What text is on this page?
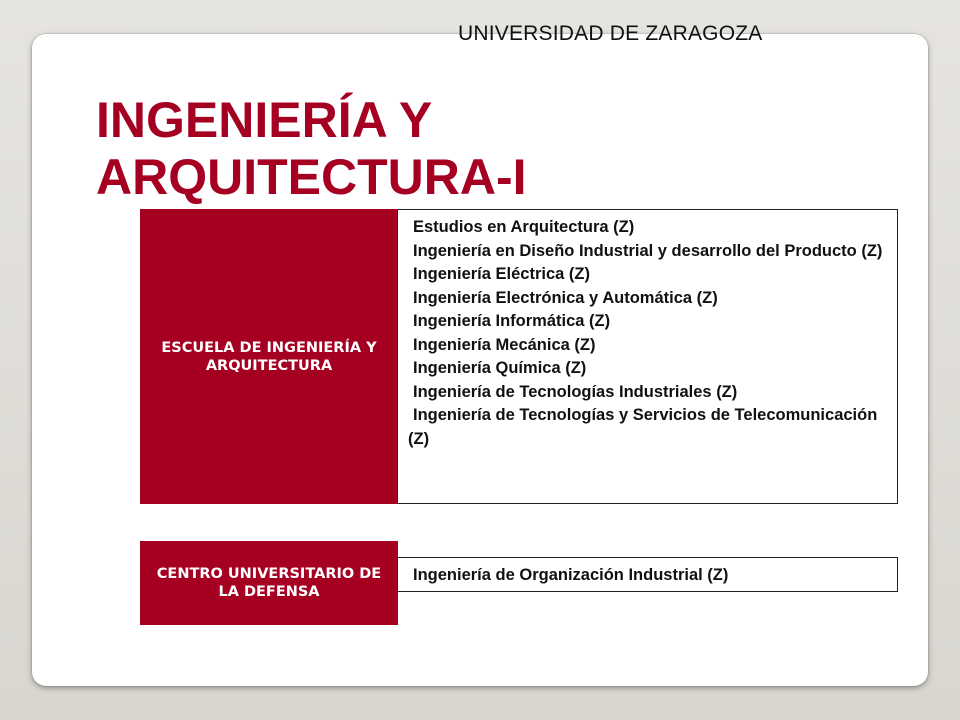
UNIVERSIDAD DE ZARAGOZA
INGENIERÍA Y
ARQUITECTURA-I
ESCUELA DE INGENIERÍA Y ARQUITECTURA
Estudios en Arquitectura (Z)
Ingeniería en Diseño Industrial y desarrollo del Producto (Z)
Ingeniería Eléctrica (Z)
Ingeniería Electrónica y Automática (Z)
Ingeniería Informática (Z)
Ingeniería Mecánica (Z)
Ingeniería Química (Z)
Ingeniería de Tecnologías Industriales (Z)
Ingeniería de Tecnologías y Servicios de Telecomunicación (Z)
CENTRO UNIVERSITARIO DE LA DEFENSA
Ingeniería de Organización Industrial (Z)
